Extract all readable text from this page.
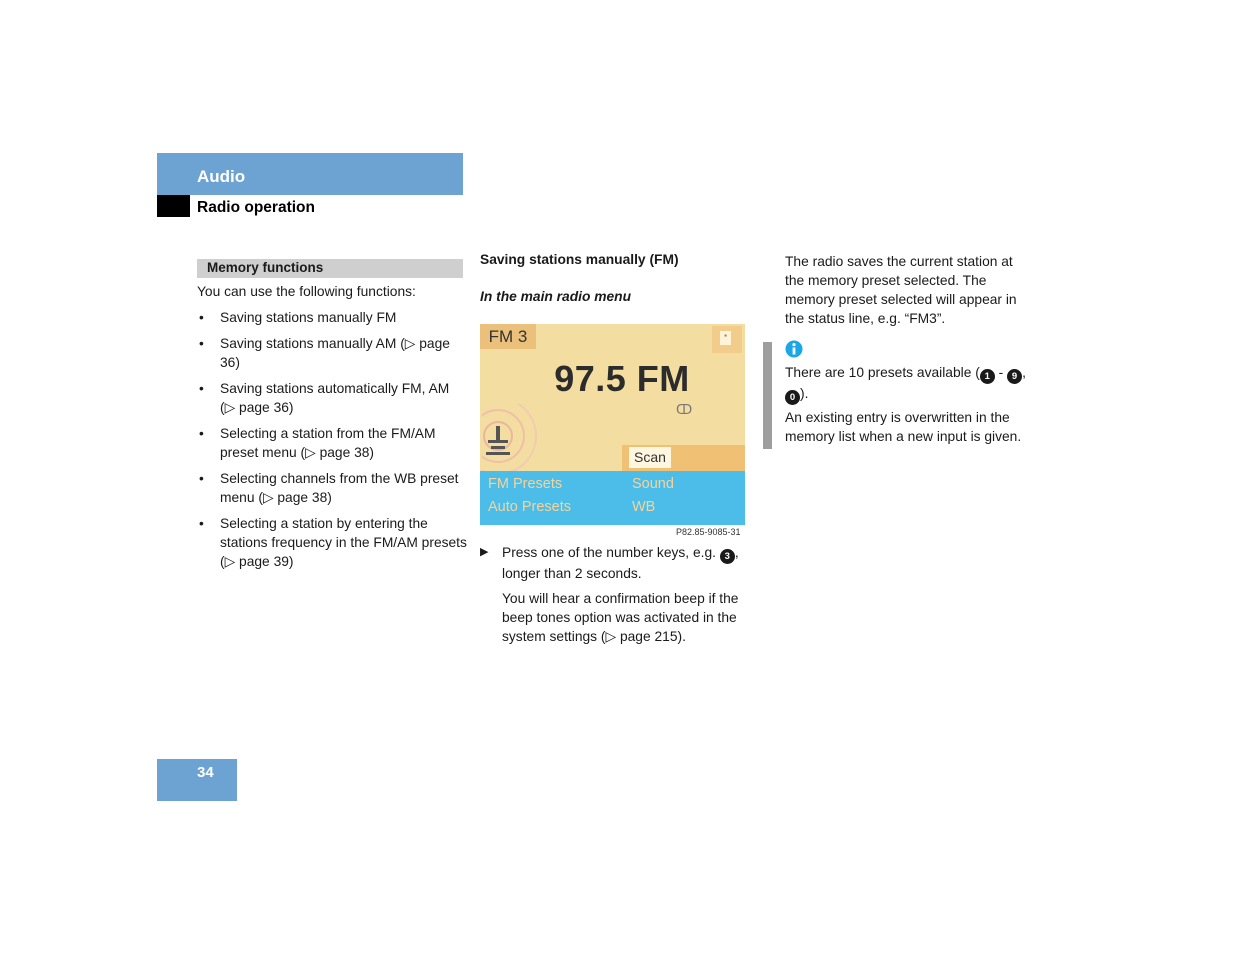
Audio
Radio operation
Memory functions
You can use the following functions:
• Saving stations manually FM
• Saving stations manually AM (▷ page 36)
• Saving stations automatically FM, AM (▷ page 36)
• Selecting a station from the FM/AM preset menu (▷ page 38)
• Selecting channels from the WB preset menu (▷ page 38)
• Selecting a station by entering the stations frequency in the FM/AM presets (▷ page 39)
Saving stations manually (FM)
In the main radio menu
FM 3	▪
97.5 FM
ↀ
Scan
FM Presets	Sound
Auto Presets	WB
P82.85-9085-31
▶ Press one of the number keys, e.g. 3 , longer than 2 seconds.
You will hear a confirmation beep if the beep tones option was activated in the system settings (▷ page 215).
The radio saves the current station at the memory preset selected. The memory preset selected will appear in the status line, e.g. “FM3”.
There are 10 presets available ( 1 - 9 ,
0 ).
An existing entry is overwritten in the memory list when a new input is given.
34
